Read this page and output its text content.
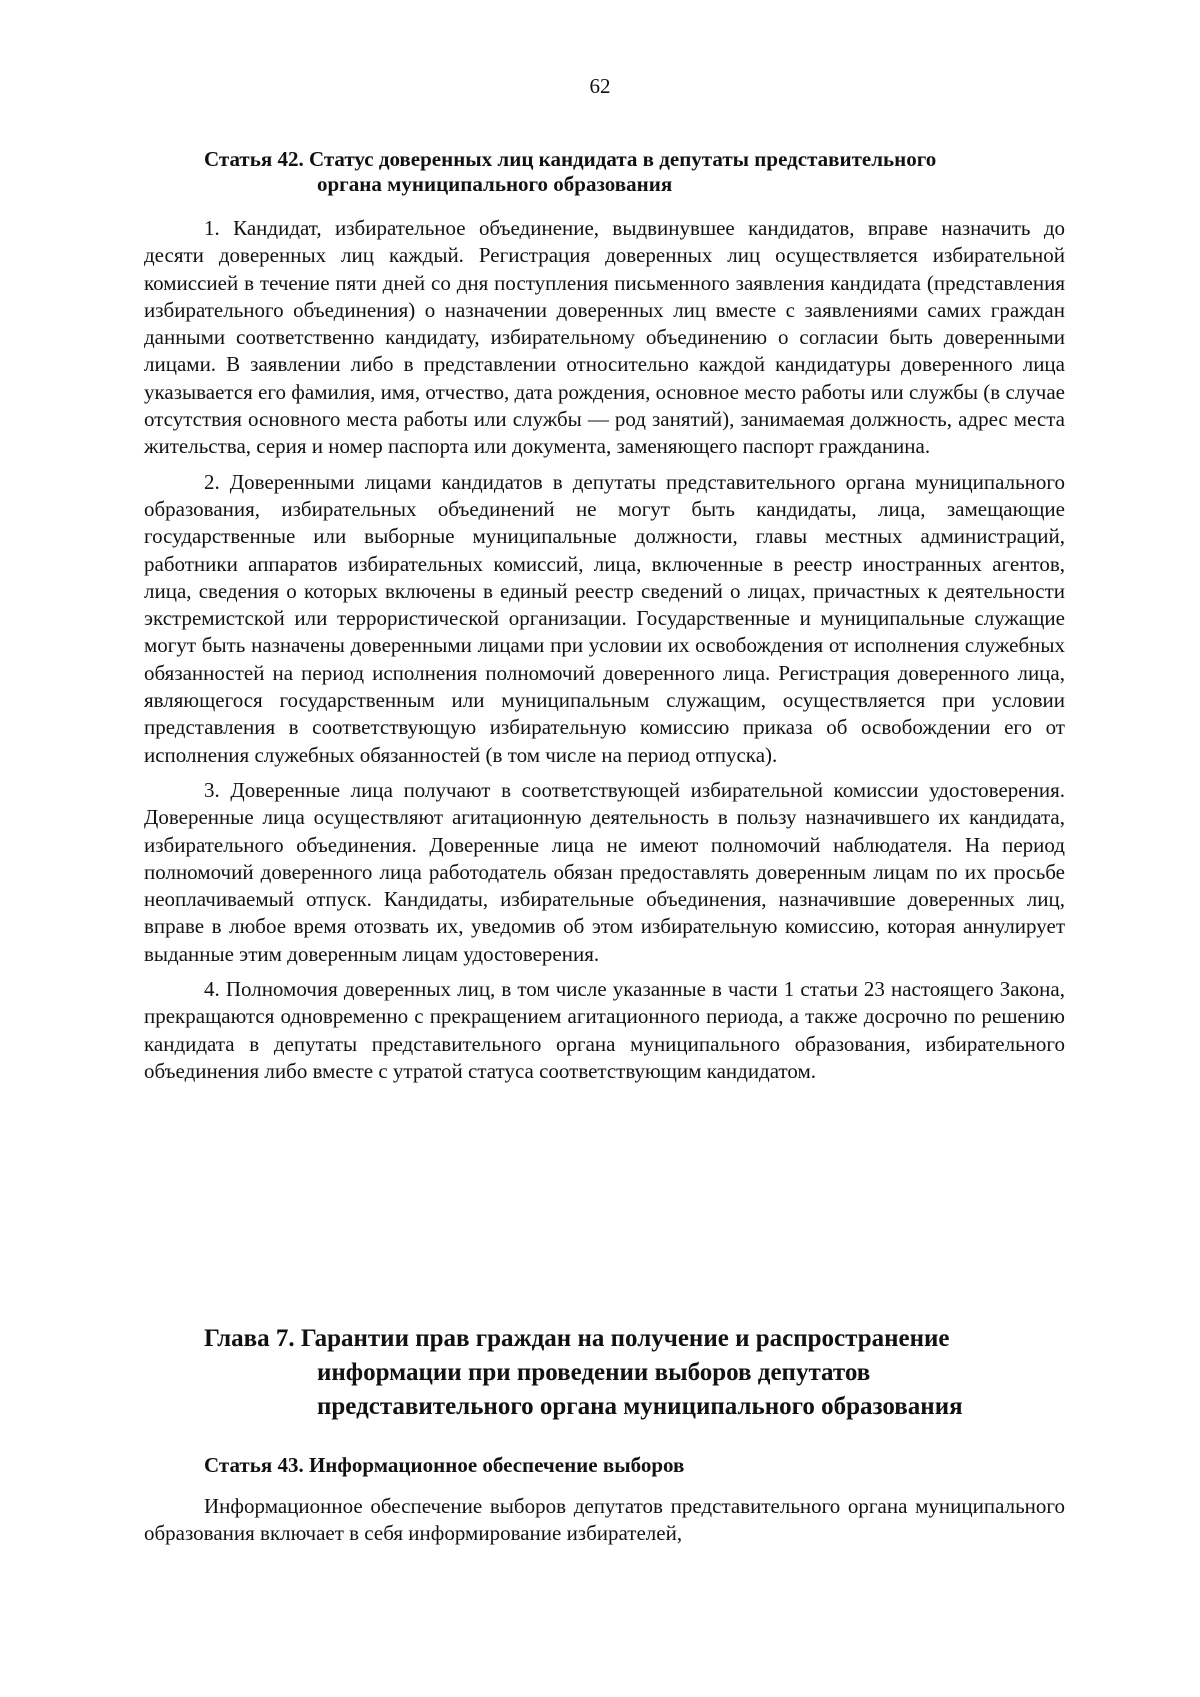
62
Статья 42. Статус доверенных лиц кандидата в депутаты представительного
органа муниципального образования

1. Кандидат, избирательное объединение, выдвинувшее кандидатов, вправе назначить до десяти доверенных лиц каждый. Регистрация доверенных лиц осуществляется избирательной комиссией в течение пяти дней со дня поступления письменного заявления кандидата (представления избирательного объединения) о назначении доверенных лиц вместе с заявлениями самих граждан данными соответственно кандидату, избирательному объединению о согласии быть доверенными лицами. В заявлении либо в представлении относительно каждой кандидатуры доверенного лица указывается его фамилия, имя, отчество, дата рождения, основное место работы или службы (в случае отсутствия основного места работы или службы — род занятий), занимаемая должность, адрес места жительства, серия и номер паспорта или документа, заменяющего паспорт гражданина.

2. Доверенными лицами кандидатов в депутаты представительного органа муниципального образования, избирательных объединений не могут быть кандидаты, лица, замещающие государственные или выборные муниципальные должности, главы местных администраций, работники аппаратов избирательных комиссий, лица, включенные в реестр иностранных агентов, лица, сведения о которых включены в единый реестр сведений о лицах, причастных к деятельности экстремистской или террористической организации. Государственные и муниципальные служащие могут быть назначены доверенными лицами при условии их освобождения от исполнения служебных обязанностей на период исполнения полномочий доверенного лица. Регистрация доверенного лица, являющегося государственным или муниципальным служащим, осуществляется при условии представления в соответствующую избирательную комиссию приказа об освобождении его от исполнения служебных обязанностей (в том числе на период отпуска).

3. Доверенные лица получают в соответствующей избирательной комиссии удостоверения. Доверенные лица осуществляют агитационную деятельность в пользу назначившего их кандидата, избирательного объединения. Доверенные лица не имеют полномочий наблюдателя. На период полномочий доверенного лица работодатель обязан предоставлять доверенным лицам по их просьбе неоплачиваемый отпуск. Кандидаты, избирательные объединения, назначившие доверенных лиц, вправе в любое время отозвать их, уведомив об этом избирательную комиссию, которая аннулирует выданные этим доверенным лицам удостоверения.

4. Полномочия доверенных лиц, в том числе указанные в части 1 статьи 23 настоящего Закона, прекращаются одновременно с прекращением агитационного периода, а также досрочно по решению кандидата в депутаты представительного органа муниципального образования, избирательного объединения либо вместе с утратой статуса соответствующим кандидатом.

Глава 7. Гарантии прав граждан на получение и распространение
информации при проведении выборов депутатов
представительного органа муниципального образования
Статья 43. Информационное обеспечение выборов

Информационное обеспечение выборов депутатов представительного органа муниципального образования включает в себя информирование избирателей,
